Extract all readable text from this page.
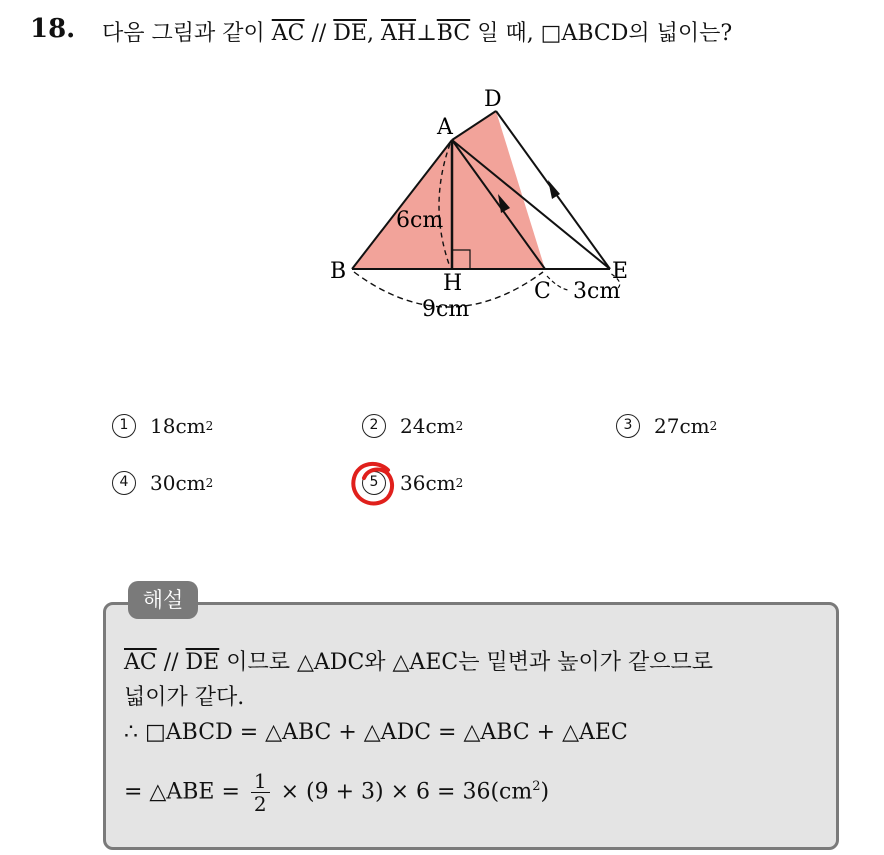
18. 다음 그림과 같이 $\overline{AC} // \overline{DE}$, $\overline{AH}\perp\overline{BC}$ 일 때, □ABCD의 넓이는?
A
D
B	H	C
E
6cm
9cm
3cm
1	18cm 2	2	24cm 2	3	27cm 2
4	30cm 2	5	36cm 2
해설
$\overline{AC} // \overline{DE}$ 이므로 △ADC와 △AEC는 밑변과 높이가 같으므로
넓이가 같다.
∴ □ABCD = △ABC + △ADC = △ABC + △AEC
= △ABE = $\frac{1}{2} \times (9 + 3) \times 6 = 36(cm^2)$
